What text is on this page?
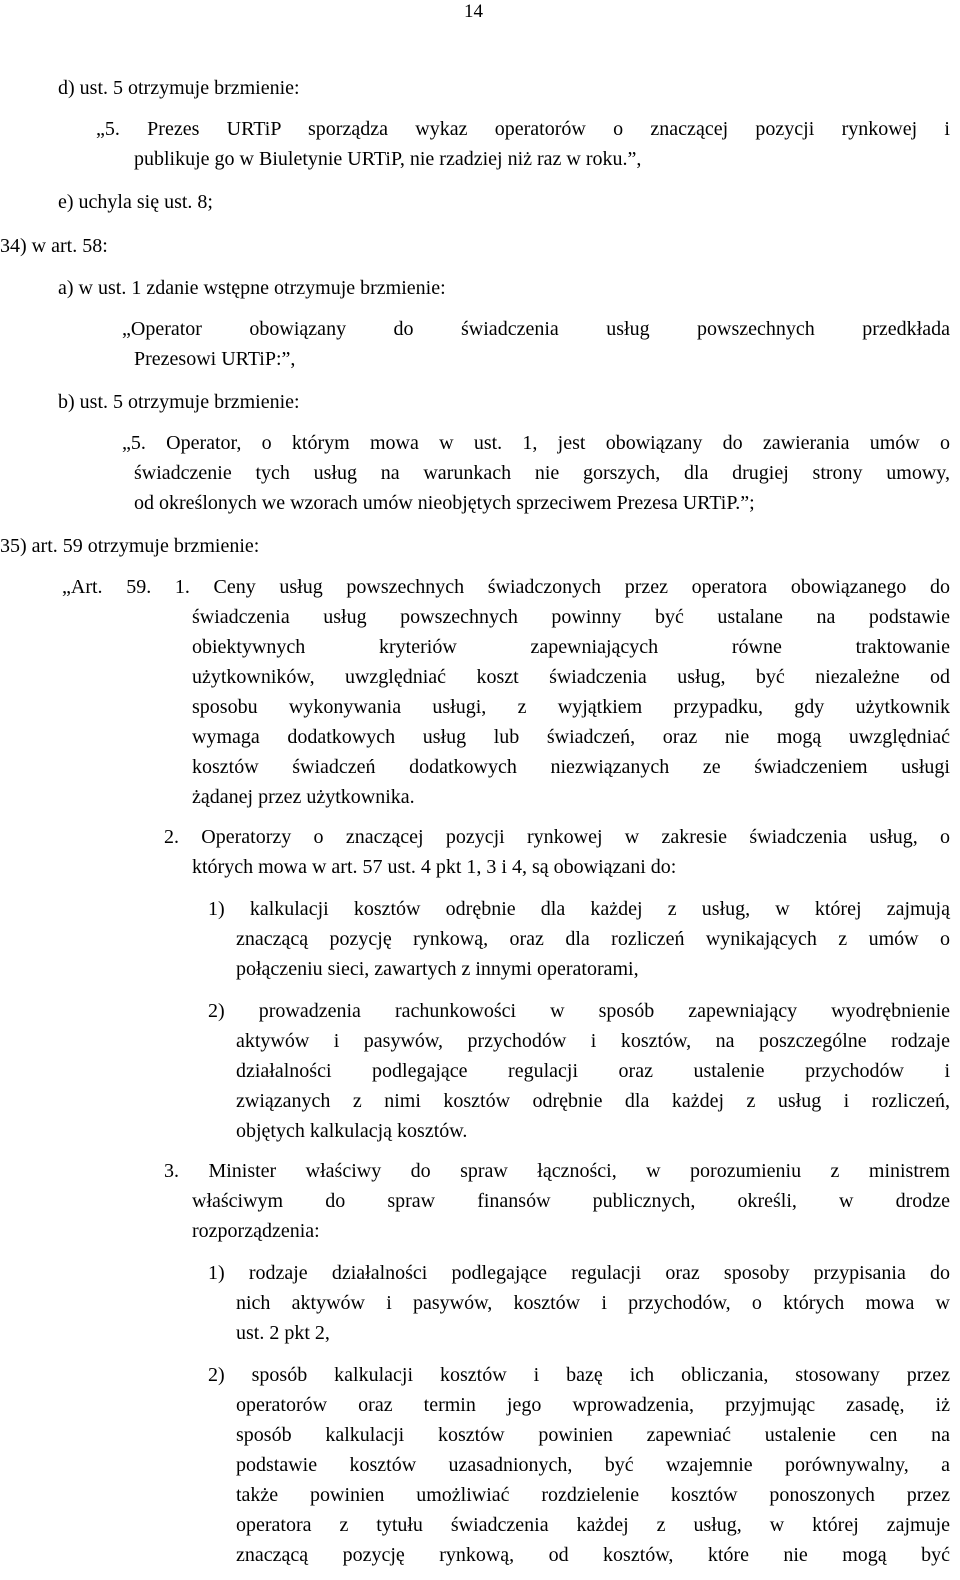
14
d) ust. 5 otrzymuje brzmienie:
„5. Prezes URTiP sporządza wykaz operatorów o znaczącej pozycji rynkowej i
publikuje go w Biuletynie URTiP, nie rzadziej niż raz w roku.”,
e) uchyla się ust. 8;
34) w art. 58:
a) w ust. 1 zdanie wstępne otrzymuje brzmienie:
„Operator obowiązany do świadczenia usług powszechnych przedkłada
Prezesowi URTiP:”,
b) ust. 5 otrzymuje brzmienie:
„5. Operator, o którym mowa w ust. 1, jest obowiązany do zawierania umów o
świadczenie tych usług na warunkach nie gorszych, dla drugiej strony umowy,
od określonych we wzorach umów nieobjętych sprzeciwem Prezesa URTiP.”;
35) art. 59 otrzymuje brzmienie:
„Art. 59. 1. Ceny usług powszechnych świadczonych przez operatora obowiązanego do
świadczenia usług powszechnych powinny być ustalane na podstawie
obiektywnych kryteriów zapewniających równe traktowanie
użytkowników, uwzględniać koszt świadczenia usług, być niezależne od
sposobu wykonywania usługi, z wyjątkiem przypadku, gdy użytkownik
wymaga dodatkowych usług lub świadczeń, oraz nie mogą uwzględniać
kosztów świadczeń dodatkowych niezwiązanych ze świadczeniem usługi
żądanej przez użytkownika.
2. Operatorzy o znaczącej pozycji rynkowej w zakresie świadczenia usług, o
których mowa w art. 57 ust. 4 pkt 1, 3 i 4, są obowiązani do:
1) kalkulacji kosztów odrębnie dla każdej z usług, w której zajmują
znaczącą pozycję rynkową, oraz dla rozliczeń wynikających z umów o
połączeniu sieci, zawartych z innymi operatorami,
2) prowadzenia rachunkowości w sposób zapewniający wyodrębnienie
aktywów i pasywów, przychodów i kosztów, na poszczególne rodzaje
działalności podlegające regulacji oraz ustalenie przychodów i
związanych z nimi kosztów odrębnie dla każdej z usług i rozliczeń,
objętych kalkulacją kosztów.
3. Minister właściwy do spraw łączności, w porozumieniu z ministrem
właściwym do spraw finansów publicznych, określi, w drodze
rozporządzenia:
1) rodzaje działalności podlegające regulacji oraz sposoby przypisania do
nich aktywów i pasywów, kosztów i przychodów, o których mowa w
ust. 2 pkt 2,
2) sposób kalkulacji kosztów i bazę ich obliczania, stosowany przez
operatorów oraz termin jego wprowadzenia, przyjmując zasadę, iż
sposób kalkulacji kosztów powinien zapewniać ustalenie cen na
podstawie kosztów uzasadnionych, być wzajemnie porównywalny, a
także powinien umożliwiać rozdzielenie kosztów ponoszonych przez
operatora z tytułu świadczenia każdej z usług, w której zajmuje
znaczącą pozycję rynkową, od kosztów, które nie mogą być
